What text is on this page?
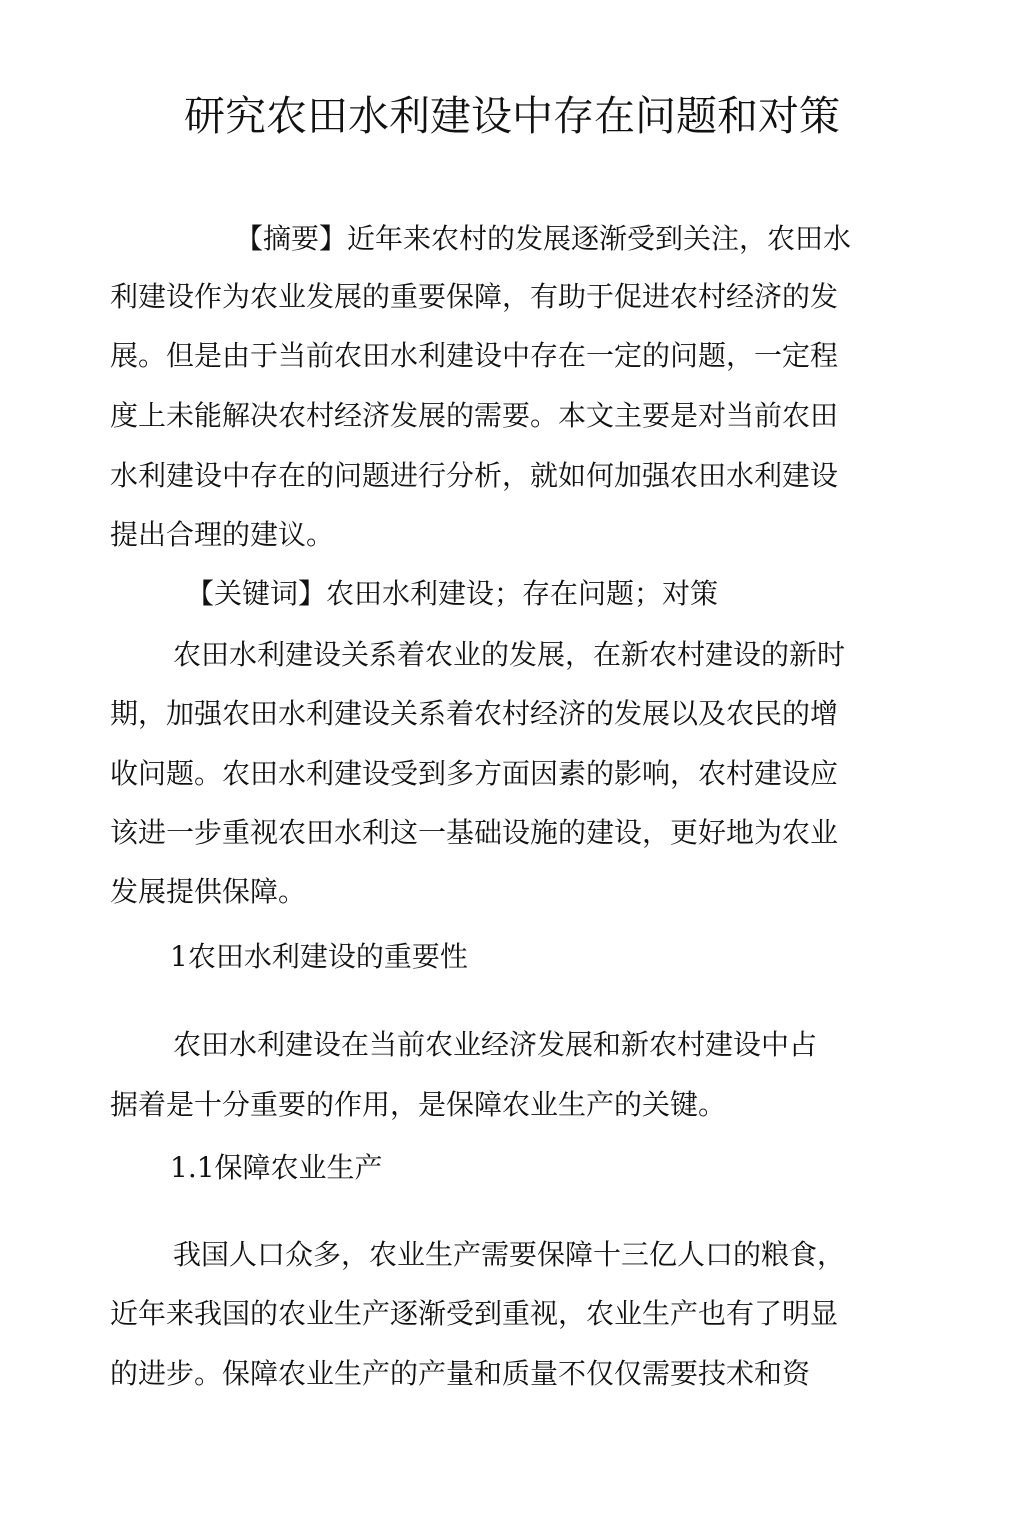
研究农田水利建设中存在问题和对策
【摘要】近年来农村的发展逐渐受到关注，农田水
利建设作为农业发展的重要保障，有助于促进农村经济的发
展。但是由于当前农田水利建设中存在一定的问题，一定程
度上未能解决农村经济发展的需要。本文主要是对当前农田
水利建设中存在的问题进行分析，就如何加强农田水利建设
提出合理的建议。
【关键词】农田水利建设；存在问题；对策
农田水利建设关系着农业的发展，在新农村建设的新时
期，加强农田水利建设关系着农村经济的发展以及农民的增
收问题。农田水利建设受到多方面因素的影响，农村建设应
该进一步重视农田水利这一基础设施的建设，更好地为农业
发展提供保障。
1农田水利建设的重要性
农田水利建设在当前农业经济发展和新农村建设中占
据着是十分重要的作用，是保障农业生产的关键。
1.1保障农业生产
我国人口众多，农业生产需要保障十三亿人口的粮食，
近年来我国的农业生产逐渐受到重视，农业生产也有了明显
的进步。保障农业生产的产量和质量不仅仅需要技术和资
